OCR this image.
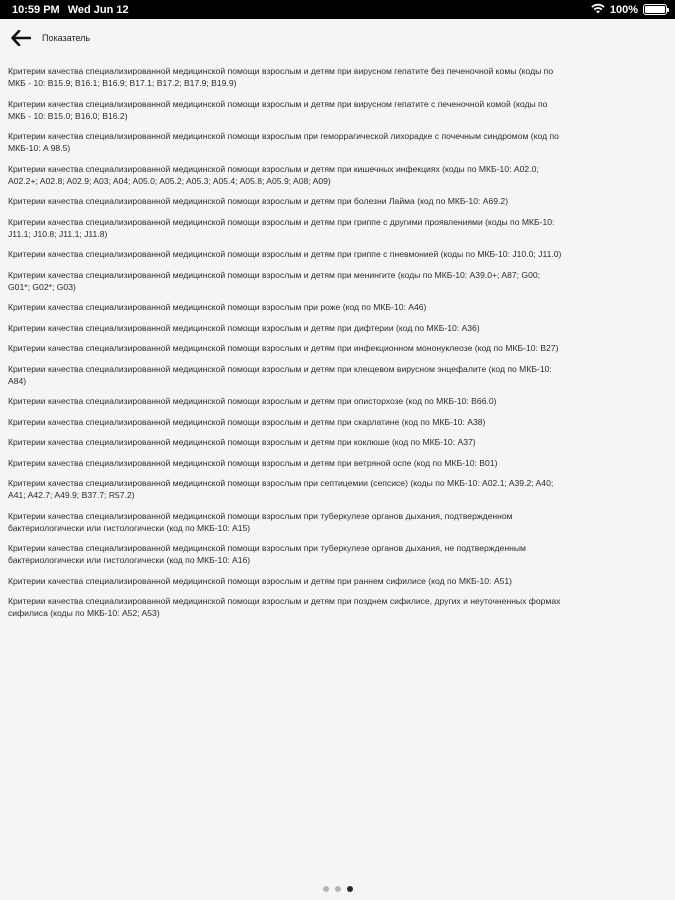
10:59 PM Wed Jun 12	100%
Показатель
Критерии качества специализированной медицинской помощи взрослым и детям при вирусном гепатите без печеночной комы (коды по
МКБ - 10: B15.9; B16.1; B16.9; B17.1; B17.2; B17.9; B19.9)
Критерии качества специализированной медицинской помощи взрослым и детям при вирусном гепатите с печеночной комой (коды по
МКБ - 10: B15.0; B16.0; B16.2)
Критерии качества специализированной медицинской помощи взрослым при геморрагической лихорадке с почечным синдромом (код по
МКБ-10: A 98.5)
Критерии качества специализированной медицинской помощи взрослым и детям при кишечных инфекциях (коды по МКБ-10: A02.0;
A02.2+; A02.8; A02.9; A03; A04; A05.0; A05.2; A05.3; A05.4; A05.8; A05.9; A08; A09)
Критерии качества специализированной медицинской помощи взрослым и детям при болезни Лайма (код по МКБ-10: A69.2)
Критерии качества специализированной медицинской помощи взрослым и детям при гриппе с другими проявлениями (коды по МКБ-10:
J11.1; J10.8; J11.1; J11.8)
Критерии качества специализированной медицинской помощи взрослым и детям при гриппе с пневмонией (коды по МКБ-10: J10.0; J11.0)
Критерии качества специализированной медицинской помощи взрослым и детям при менингите (коды по МКБ-10: A39.0+; A87; G00;
G01*; G02*; G03)
Критерии качества специализированной медицинской помощи взрослым при роже (код по МКБ-10: A46)
Критерии качества специализированной медицинской помощи взрослым и детям при дифтерии (код по МКБ-10: A36)
Критерии качества специализированной медицинской помощи взрослым и детям при инфекционном мононуклеозе (код по МКБ-10: B27)
Критерии качества специализированной медицинской помощи взрослым и детям при клещевом вирусном энцефалите (код по МКБ-10:
A84)
Критерии качества специализированной медицинской помощи взрослым и детям при описторхозе (код по МКБ-10: B66.0)
Критерии качества специализированной медицинской помощи взрослым и детям при скарлатине (код по МКБ-10: A38)
Критерии качества специализированной медицинской помощи взрослым и детям при коклюше (код по МКБ-10: A37)
Критерии качества специализированной медицинской помощи взрослым и детям при ветряной оспе (код по МКБ-10: B01)
Критерии качества специализированной медицинской помощи взрослым при септицемии (сепсисе) (коды по МКБ-10: A02.1; A39.2; A40;
A41; A42.7; A49.9; B37.7; R57.2)
Критерии качества специализированной медицинской помощи взрослым при туберкулезе органов дыхания, подтвержденном
бактериологически или гистологически (код по МКБ-10: A15)
Критерии качества специализированной медицинской помощи взрослым при туберкулезе органов дыхания, не подтвержденным
бактериологически или гистологически (код по МКБ-10: A16)
Критерии качества специализированной медицинской помощи взрослым и детям при раннем сифилисе (код по МКБ-10: A51)
Критерии качества специализированной медицинской помощи взрослым и детям при позднем сифилисе, других и неуточненных формах
сифилиса (коды по МКБ-10: A52; A53)
